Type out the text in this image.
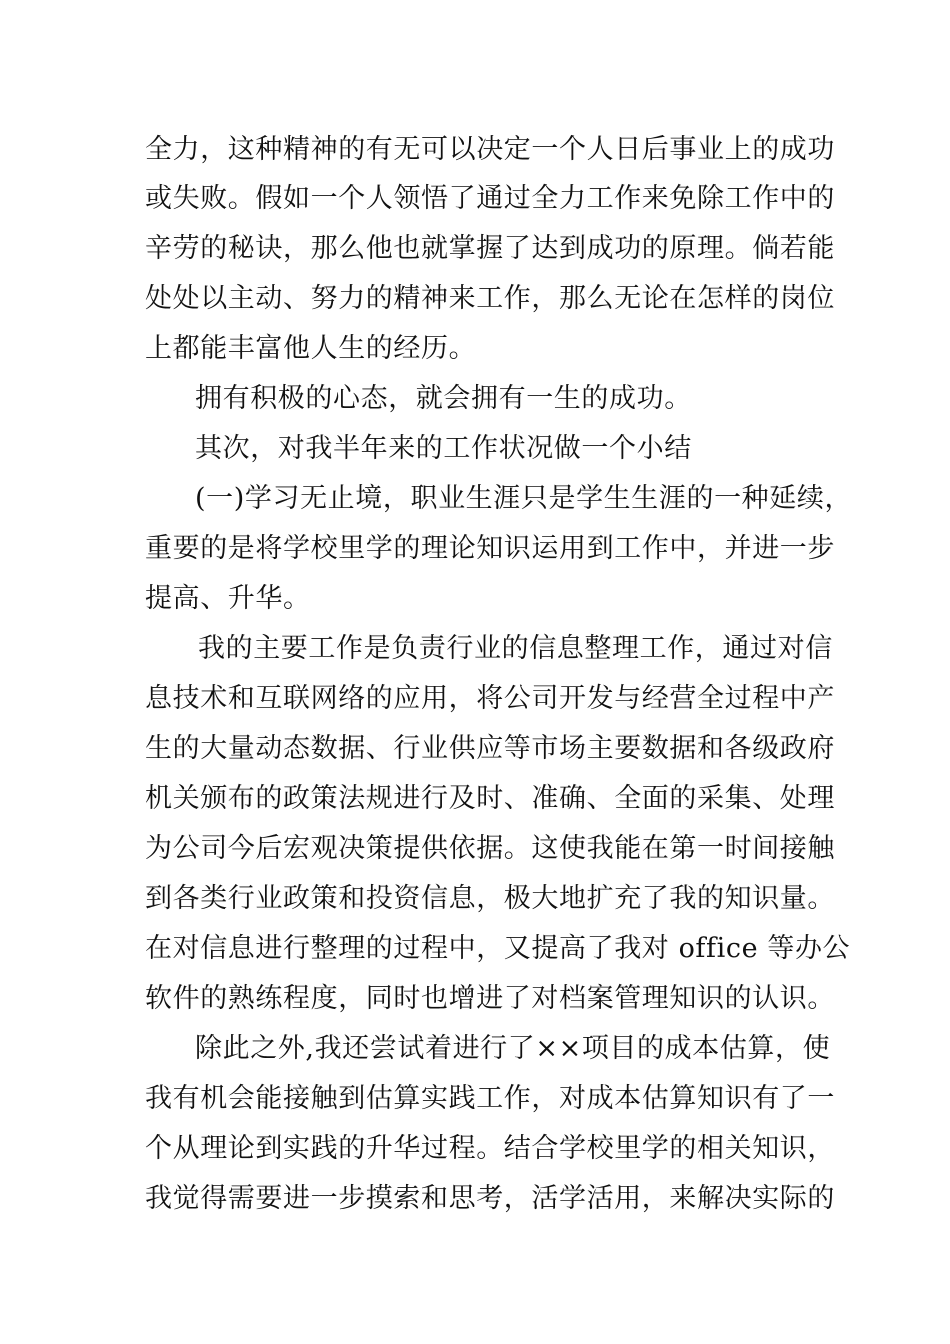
全力，这种精神的有无可以决定一个人日后事业上的成功
或失败。假如一个人领悟了通过全力工作来免除工作中的
辛劳的秘诀，那么他也就掌握了达到成功的原理。倘若能
处处以主动、努力的精神来工作，那么无论在怎样的岗位
上都能丰富他人生的经历。
拥有积极的心态，就会拥有一生的成功。
其次，对我半年来的工作状况做一个小结
(一)学习无止境，职业生涯只是学生生涯的一种延续，
重要的是将学校里学的理论知识运用到工作中，并进一步
提高、升华。
我的主要工作是负责行业的信息整理工作，通过对信
息技术和互联网络的应用，将公司开发与经营全过程中产
生的大量动态数据、行业供应等市场主要数据和各级政府
机关颁布的政策法规进行及时、准确、全面的采集、处理
为公司今后宏观决策提供依据。这使我能在第一时间接触
到各类行业政策和投资信息，极大地扩充了我的知识量。
在对信息进行整理的过程中，又提高了我对 office 等办公
软件的熟练程度，同时也增进了对档案管理知识的认识。
除此之外,我还尝试着进行了××项目的成本估算，使
我有机会能接触到估算实践工作，对成本估算知识有了一
个从理论到实践的升华过程。结合学校里学的相关知识，
我觉得需要进一步摸索和思考，活学活用，来解决实际的
